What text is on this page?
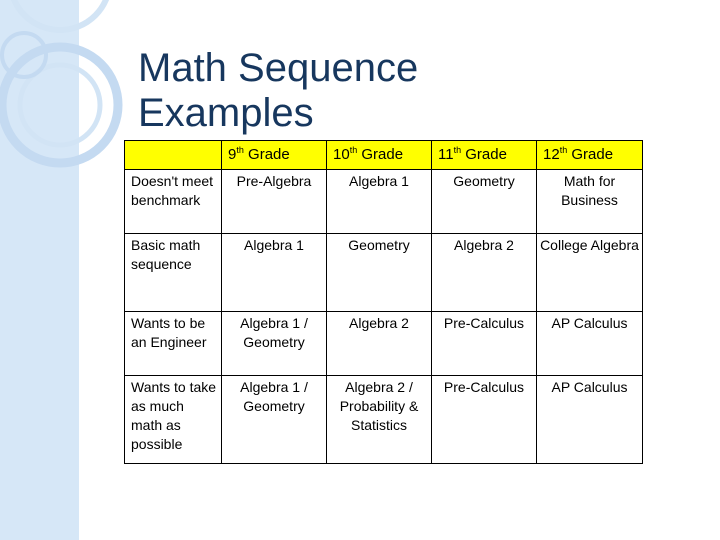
Math Sequence
Examples
	9th Grade	10th Grade	11th Grade	12th Grade

Doesn't meet benchmark	Pre-Algebra	Algebra 1	Geometry	Math for Business

Basic math sequence	Algebra 1	Geometry	Algebra 2	College Algebra

Wants to be an Engineer	Algebra 1 / Geometry	Algebra 2	Pre-Calculus	AP Calculus

Wants to take as much math as possible	Algebra 1 / Geometry	Algebra 2 / Probability & Statistics	Pre-Calculus	AP Calculus
